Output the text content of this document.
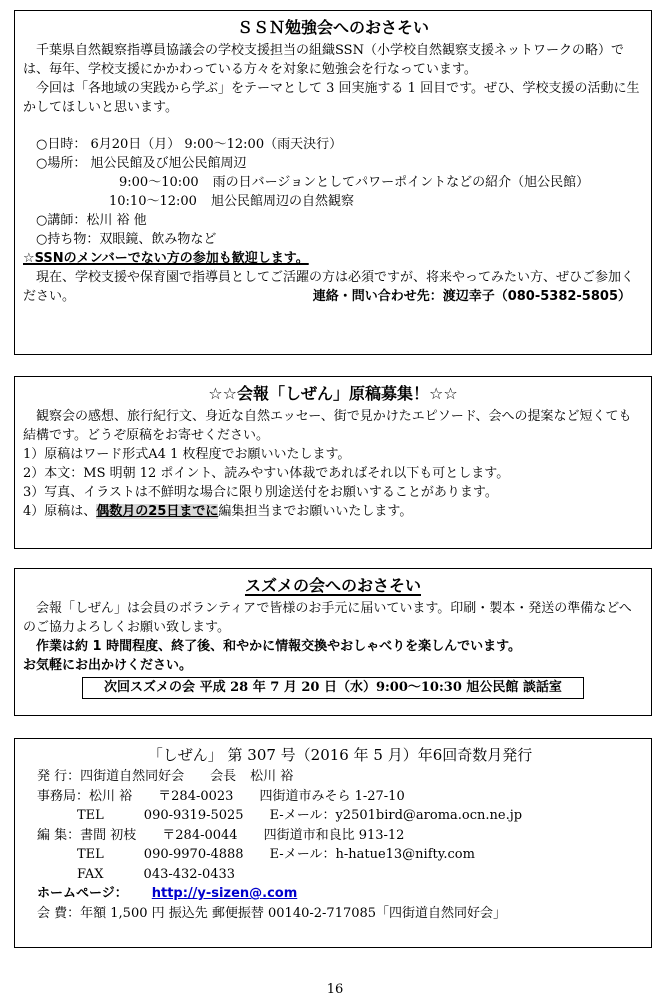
ＳＳＮ勉強会へのおさそい

千葉県自然観察指導員協議会の学校支援担当の組織SSN（小学校自然観察支援ネットワークの略）では、毎年、学校支援にかかわっている方々を対象に勉強会を行なっています。

今回は「各地域の実践から学ぶ」をテーマとして 3 回実施する 1 回目です。ぜひ、学校支援の活動に生かしてほしいと思います。

○日時： 6月20日（月） 9:00～12:00（雨天決行）

○場所： 旭公民館及び旭公民館周辺

9:00～10:00 雨の日バージョンとしてパワーポイントなどの紹介（旭公民館）

10:10～12:00 旭公民館周辺の自然観察

○講師：松川 裕 他

○持ち物：双眼鏡、飲み物など

☆SSNのメンバーでない方の参加も歓迎します。

現在、学校支援や保育園で指導員としてご活躍の方は必須ですが、将来やってみたい方、ぜひご参加ください。	連絡・問い合わせ先：渡辺幸子（080-5382-5805）

☆☆会報「しぜん」原稿募集！☆☆

観察会の感想、旅行紀行文、身近な自然エッセー、街で見かけたエピソード、会への提案など短くても結構です。どうぞ原稿をお寄せください。

1）原稿はワード形式A4 1 枚程度でお願いいたします。

2）本文：MS 明朝 12 ポイント、読みやすい体裁であればそれ以下も可とします。

3）写真、イラストは不鮮明な場合に限り別途送付をお願いすることがあります。

4）原稿は、偶数月の25日までに編集担当までお願いいたします。

スズメの会へのおさそい

会報「しぜん」は会員のボランティアで皆様のお手元に届いています。印刷・製本・発送の準備などへのご協力よろしくお願い致します。

作業は約 1 時間程度、終了後、和やかに情報交換やおしゃべりを楽しんでいます。

お気軽にお出かけください。

次回スズメの会 平成 28 年 7 月 20 日（水）9:00～10:30 旭公民館 談話室
「しぜん」 第 307 号（2016 年 5 月）年6回奇数月発行

発 行：四街道自然同好会 会長 松川 裕

事務局：松川 裕 〒284-0023 四街道市みそら 1-27-10

TEL	090-9319-5025 E-メール：y2501bird@aroma.ocn.ne.jp

編 集：書間 初枝 〒284-0044 四街道市和良比 913-12

TEL	090-9970-4888 E-メール：h-hatue13@nifty.com

FAX	043-432-0433

ホームページ： http://y-sizen@.com

会 費：年額 1,500 円 振込先 郵便振替 00140-2-717085「四街道自然同好会」

16
